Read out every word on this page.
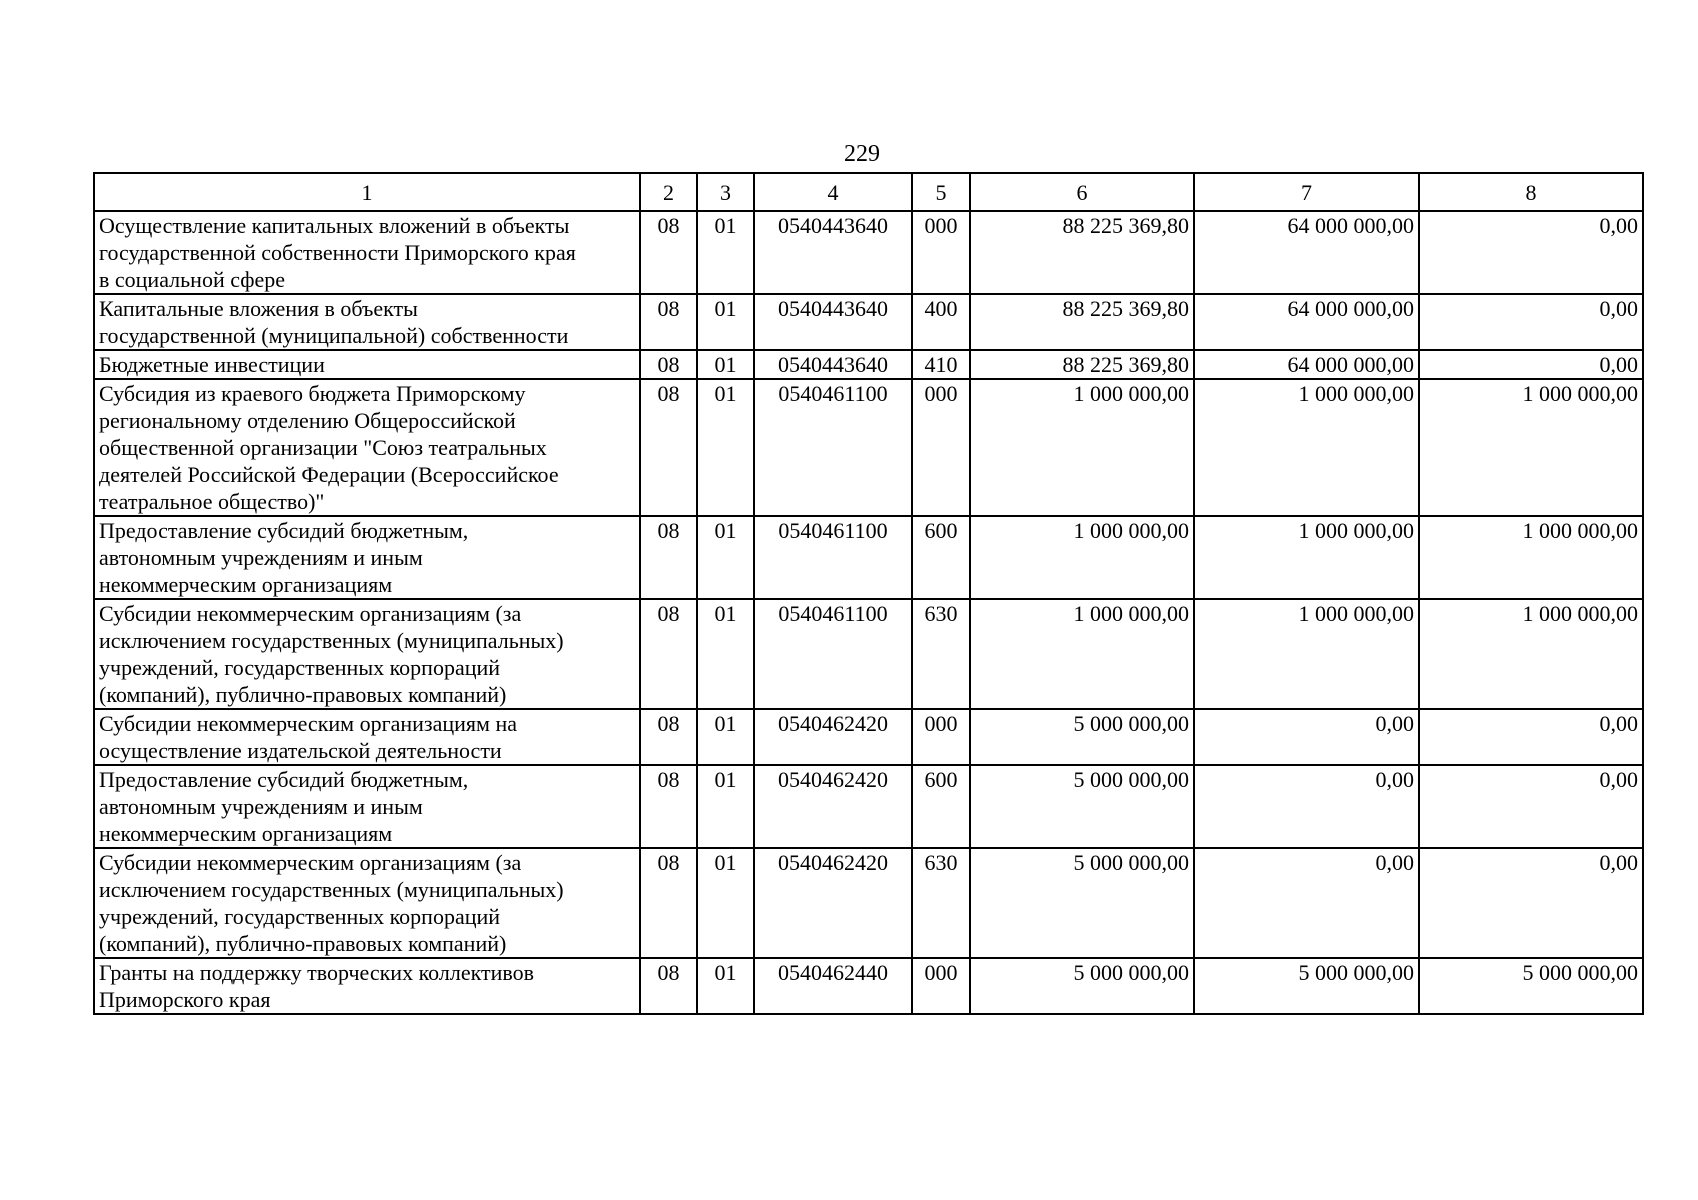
229
1	2	3	4	5	6	7	8

Осуществление капитальных вложений в объекты
государственной собственности Приморского края
в социальной сфере	08	01	0540443640	000	88 225 369,80	64 000 000,00	0,00

Капитальные вложения в объекты
государственной (муниципальной) собственности	08	01	0540443640	400	88 225 369,80	64 000 000,00	0,00

Бюджетные инвестиции	08	01	0540443640	410	88 225 369,80	64 000 000,00	0,00

Субсидия из краевого бюджета Приморскому
региональному отделению Общероссийской
общественной организации "Союз театральных
деятелей Российской Федерации (Всероссийское
театральное общество)"	08	01	0540461100	000	1 000 000,00	1 000 000,00	1 000 000,00

Предоставление субсидий бюджетным,
автономным учреждениям и иным
некоммерческим организациям	08	01	0540461100	600	1 000 000,00	1 000 000,00	1 000 000,00

Субсидии некоммерческим организациям (за
исключением государственных (муниципальных)
учреждений, государственных корпораций
(компаний), публично-правовых компаний)	08	01	0540461100	630	1 000 000,00	1 000 000,00	1 000 000,00

Субсидии некоммерческим организациям на
осуществление издательской деятельности	08	01	0540462420	000	5 000 000,00	0,00	0,00

Предоставление субсидий бюджетным,
автономным учреждениям и иным
некоммерческим организациям	08	01	0540462420	600	5 000 000,00	0,00	0,00

Субсидии некоммерческим организациям (за
исключением государственных (муниципальных)
учреждений, государственных корпораций
(компаний), публично-правовых компаний)	08	01	0540462420	630	5 000 000,00	0,00	0,00

Гранты на поддержку творческих коллективов
Приморского края	08	01	0540462440	000	5 000 000,00	5 000 000,00	5 000 000,00
